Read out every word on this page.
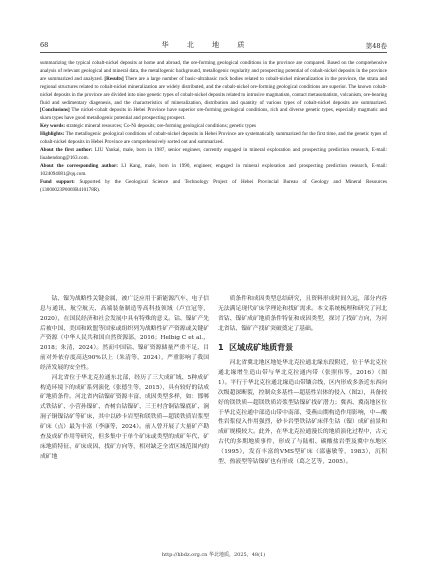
68	华 北 地 质	第48卷

summarizing the typical cobalt-nickel deposits at home and abroad, the ore-forming geological conditions in the province are compared. Based on the comprehensive analysis of relevant geological and mineral data, the metallogenic background, metallogenic regularity and prospecting potential of cobalt-nickel deposits in the province are summarized and analyzed. [Results] There are a large number of basic-ultrabasic rock bodies related to cobalt-nickel mineralization in the province, the strata and regional structures related to cobalt-nickel mineralization are widely distributed, and the cobalt-nickel ore-forming geological conditions are superior. The known cobalt-nickel deposits in the province are divided into nine genetic types of cobalt-nickel deposits related to intrusive magmatism, contact metasomatism, volcanism, ore-bearing fluid and sedimentary diagenesis, and the characteristics of mineralization, distribution and quantity of various types of cobalt-nickel deposits are summarized. [Conclusions] The nickel-cobalt deposits in Hebei Province have superior ore-forming geological conditions, rich and diverse genetic types, especially magmatic and skarn types have good metallogenic potential and prospecting prospect.

Key words: strategic mineral resources; Co-Ni deposits; ore-forming geological conditions; genetic types

Highlights: The metallogenic geological conditions of cobalt-nickel deposits in Hebei Province are systematically summarized for the first time, and the genetic types of cobalt-nickel deposits in Hebei Province are comprehensively sorted out and summarized.

About the first author: LIU Yankai, male, born in 1987, senior engineer, currently engaged in mineral exploration and prospecting prediction research, E-mail: liuahendong@163.com.

About the corresponding author: LI Kang, male, born in 1990, engineer, engaged in mineral exploration and prospecting prediction research, E-mail: 1024094081@qq.com.

Fund support: Supported by the Geological Science and Technology Project of Hebei Provincial Bureau of Geology and Mineral Resources (13000023P0069B410178R).

钴、镍为战略性关键金属，被广泛应用于新能源汽车、电子信息与通讯、航空航天、高端装备制造等高科技领域（卢宜冠等，2020），在国民经济和社会发展中具有特殊的意义。钴、镍矿产先后被中国、美国和欧盟等国家或组织列为战略性矿产资源或关键矿产资源（中华人民共和国自然资源部，2016；Helbig C et al.，2018；朱清，2024）。然而中国钴、镍矿资源储量严重不足，目前对外依存度高达90%以上（朱清等，2024），严重影响了我国经济发展的安全性。

河北省位于华北克拉通东北部，经历了三大成矿域、5种成矿构造环境下的成矿系列演化（张德生等，2015），具有较好的钴成矿地质条件。河北省内钴镍矿资源丰富，成因类型多样，如：邯郸式铁钴矿、小营孙镍矿、杏树台钴镍矿、三王村含铜钴镍底矿、涧涧子铜镍钴矿等矿床，其中以砂卡岩型和镁铁质—超镁铁质岩浆型矿床（点）最为丰富（李康等，2024）。前人曾开展了大量矿产勘查及成矿作用等研究，但多集中于单个矿床或类型的成矿年代、矿床地质特征、矿床成因、找矿方向等，相对缺乏全省区域范围内的成矿地

质条件和成因类型总结研究，且资料形成时间久远，部分内容无法满足现代矿床学理论和找矿需求。本文系统梳理和研究了河北省钴、镍矿成矿地质条件特征和成因类型，探讨了找矿方向，为河北省钴、镍矿产找矿突破奠定了基础。

1 区域成矿地质背景

河北省冀北地区地处华北克拉通北缘东段附近，位于华北克拉通北缘增生造山带与华北克拉通内带（张照伟等，2016）（图1）。平行于华北克拉通北缘造山带镶合线，区内形成多条近东西向次级超深断裂，控制众多基性—超基性岩体的侵入（图2），具备较好的镁铁质—超镁铁质岩浆型钴镍矿找矿潜力；冀西、冀南地区位于华北克拉通中部造山带中南部，受燕山期构造作用影响，中—酸性岩浆侵入作用强烈，砂卡岩型铁钴矿床伴生钴（镍）成矿前景和成矿规模较大。此外，在华北克拉通漫长的地质演化过程中，古元古代的多期地质事件，形成了与陆相、碳酸盐岩型及冀中东地区（1995），发育丰富的VMS型矿床（邵惠敏等，1983），沉积型、热液型等钴镍矿也有形成（葛之艺等，2005）。

http://hbdz.org.cn 华北地质，2025，48(1)
